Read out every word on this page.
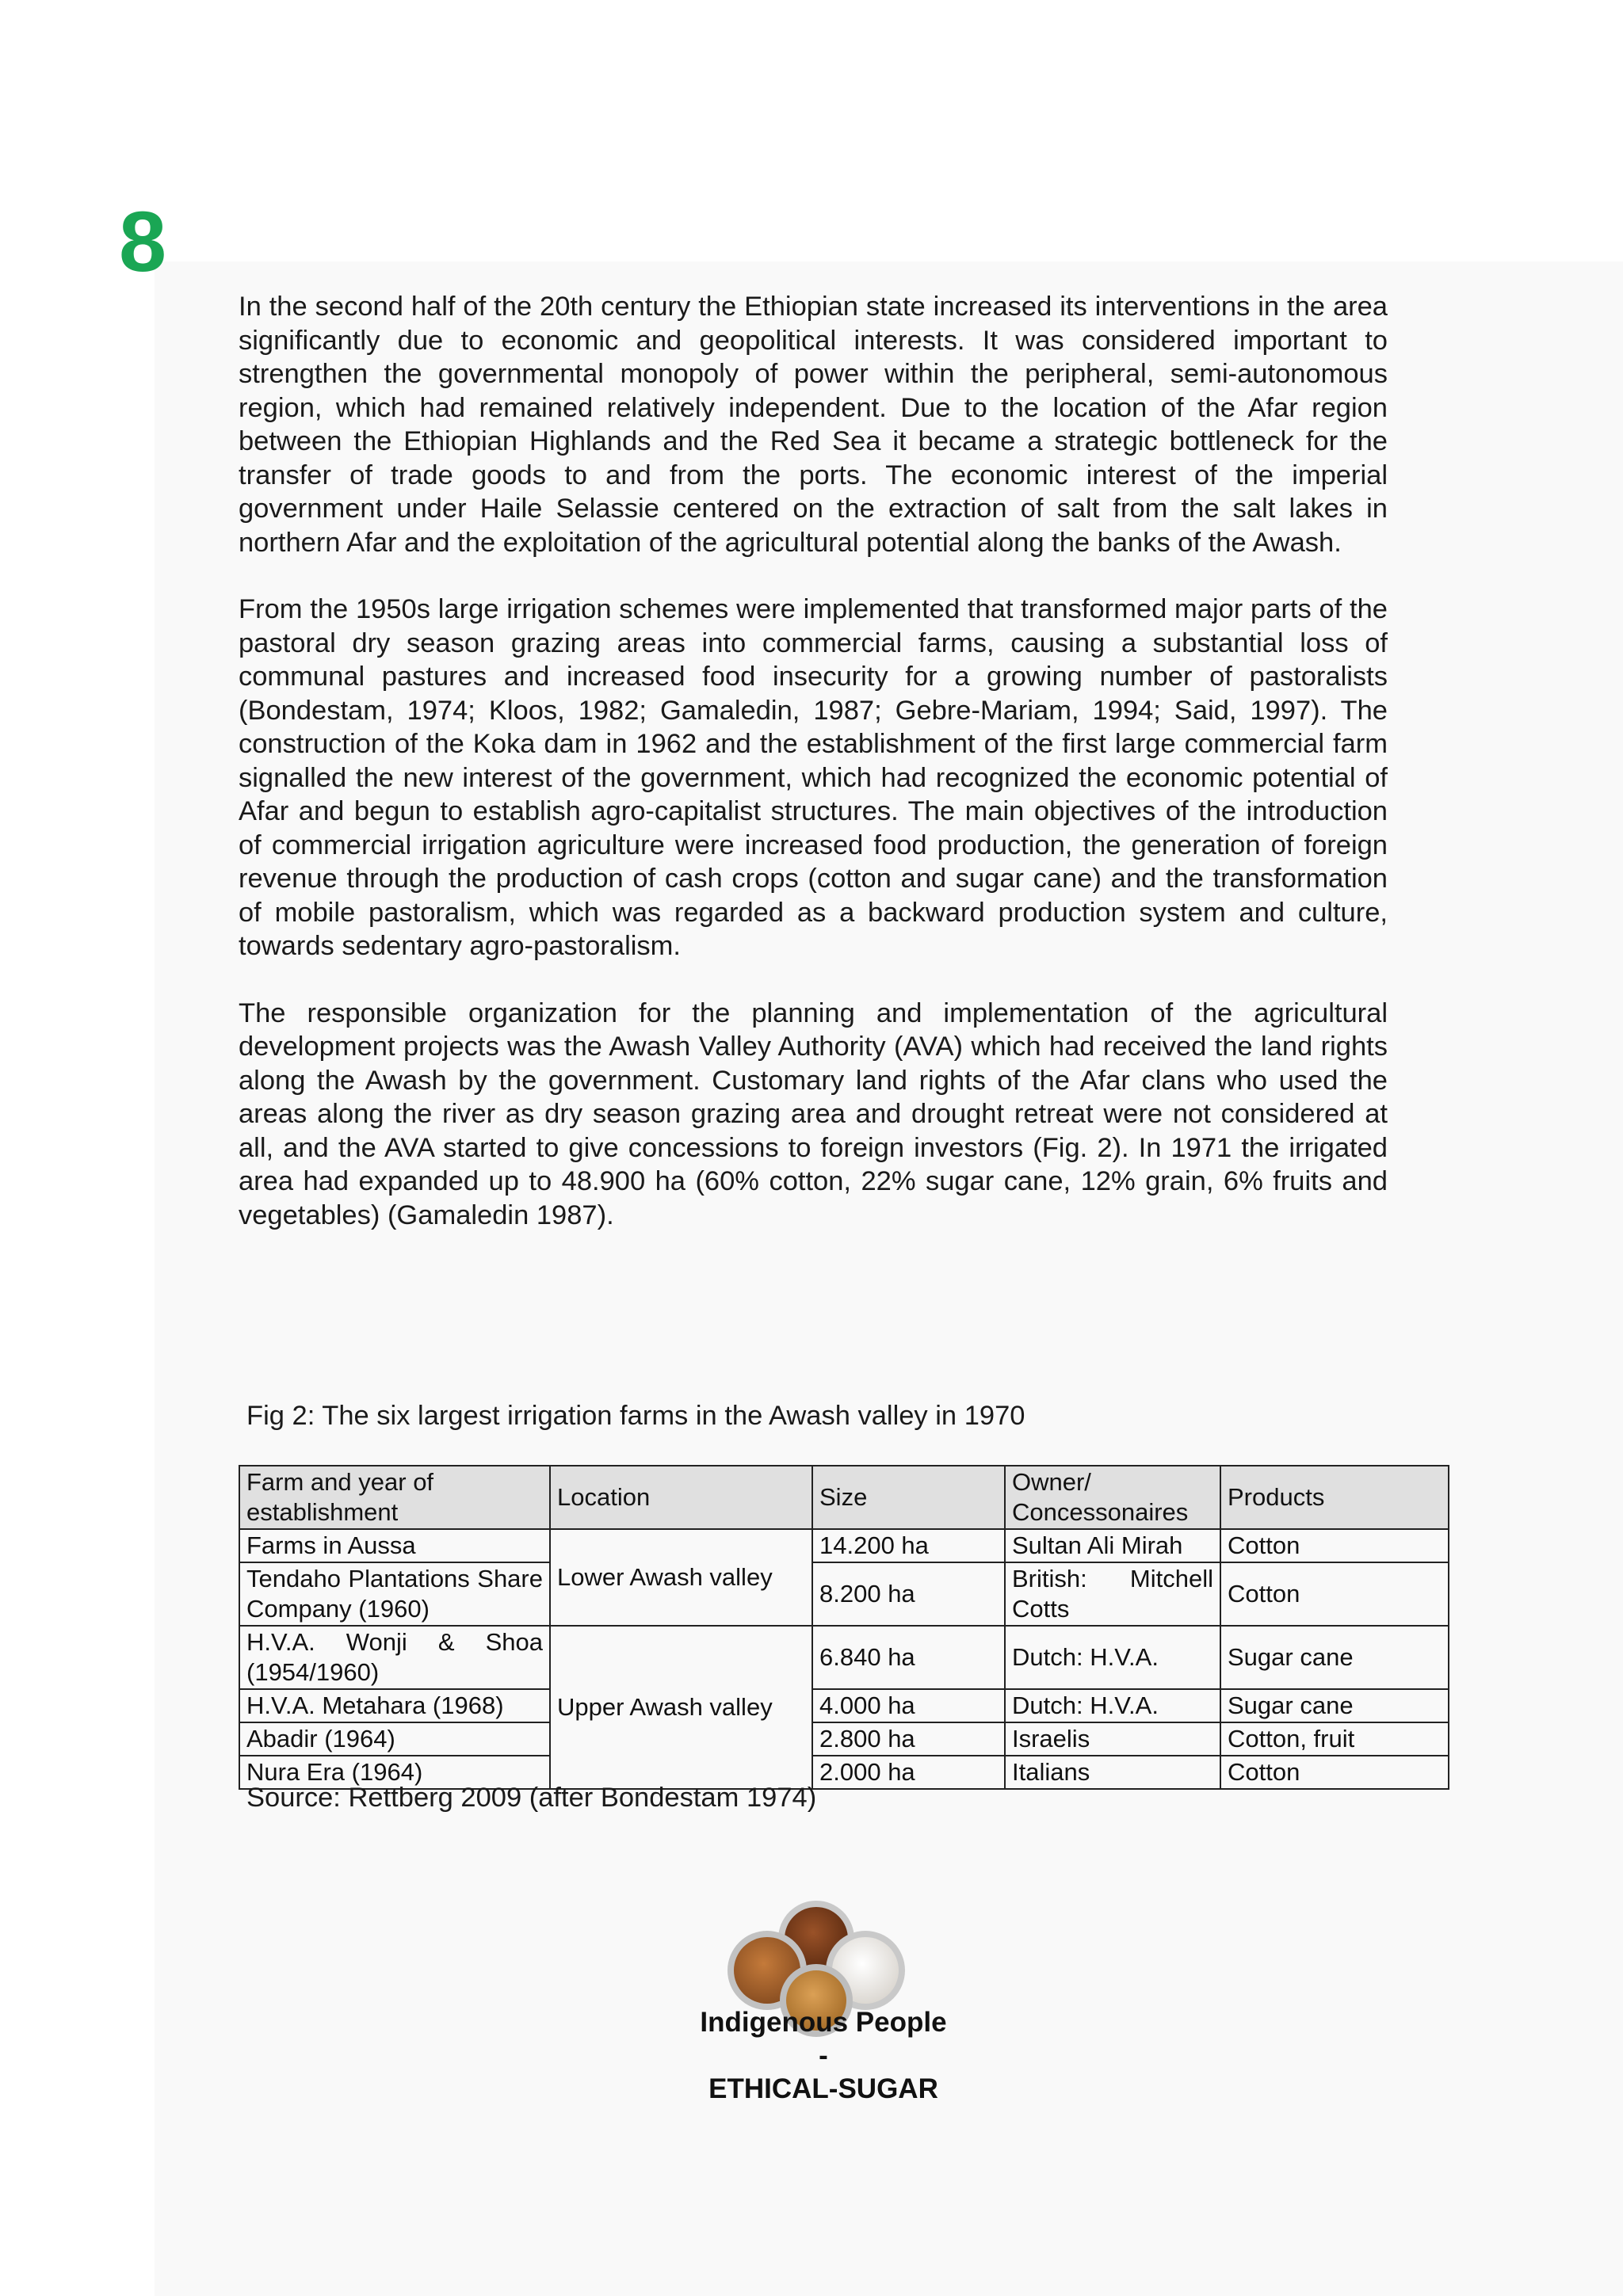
8

In the second half of the 20th century the Ethiopian state increased its interventions in the area significantly due to economic and geopolitical interests. It was considered important to strengthen the governmental monopoly of power within the peripheral, semi-autonomous region, which had remained relatively independent. Due to the location of the Afar region between the Ethiopian Highlands and the Red Sea it became a strategic bottleneck for the transfer of trade goods to and from the ports. The economic interest of the imperial government under Haile Selassie centered on the extraction of salt from the salt lakes in northern Afar and the exploitation of the agricultural potential along the banks of the Awash.

From the 1950s large irrigation schemes were implemented that transformed major parts of the pastoral dry season grazing areas into commercial farms, causing a substantial loss of communal pastures and increased food insecurity for a growing number of pastoralists (Bondestam, 1974; Kloos, 1982; Gamaledin, 1987; Gebre-Mariam, 1994; Said, 1997). The construction of the Koka dam in 1962 and the establishment of the first large commercial farm signalled the new interest of the government, which had recognized the economic potential of Afar and begun to establish agro-capitalist structures. The main objectives of the introduction of commercial irrigation agriculture were increased food production, the generation of foreign revenue through the production of cash crops (cotton and sugar cane) and the transformation of mobile pastoralism, which was regarded as a backward production system and culture, towards sedentary agro-pastoralism.

The responsible organization for the planning and implementation of the agricultural development projects was the Awash Valley Authority (AVA) which had received the land rights along the Awash by the government. Customary land rights of the Afar clans who used the areas along the river as dry season grazing area and drought retreat were not considered at all, and the AVA started to give concessions to foreign investors (Fig. 2). In 1971 the irrigated area had expanded up to 48.900 ha (60% cotton, 22% sugar cane, 12% grain, 6% fruits and vegetables) (Gamaledin 1987).

Fig 2: The six largest irrigation farms in the Awash valley in 1970

Farm and year of establishment	Location	Size	Owner/ Concessonaires	Products
Farms in Aussa	Lower Awash valley	14.200 ha	Sultan Ali Mirah	Cotton
Tendaho Plantations Share Company (1960)		8.200 ha	British: Mitchell Cotts	Cotton
H.V.A. Wonji & Shoa (1954/1960)	Upper Awash valley	6.840 ha	Dutch: H.V.A.	Sugar cane
H.V.A. Metahara (1968)		4.000 ha	Dutch: H.V.A.	Sugar cane
Abadir (1964)		2.800 ha	Israelis	Cotton, fruit
Nura Era (1964)		2.000 ha	Italians	Cotton

Source: Rettberg 2009 (after Bondestam 1974)

Indigenous People
-
ETHICAL-SUGAR
